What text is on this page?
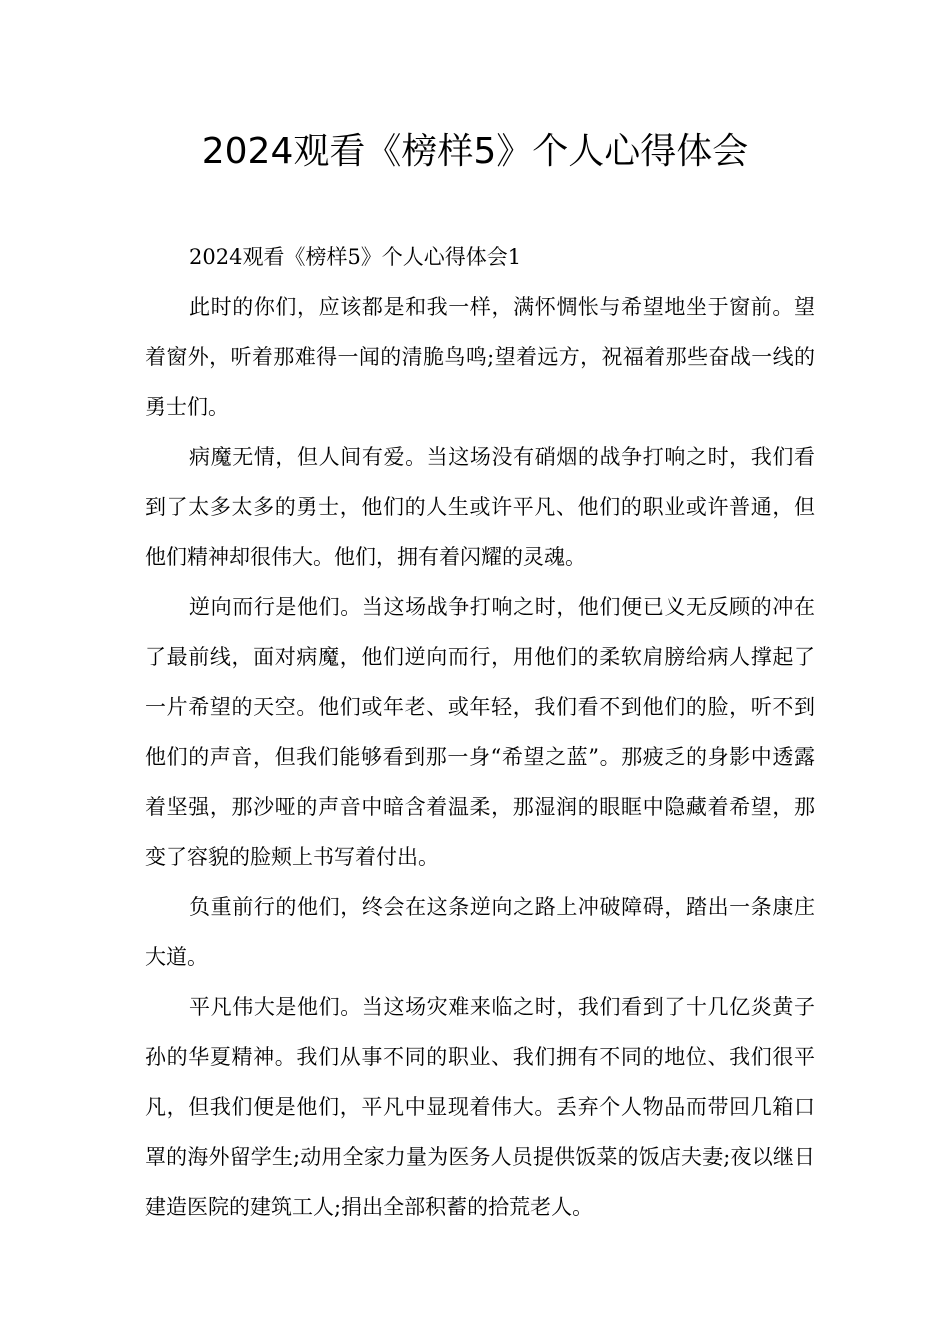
2024观看《榜样5》个人心得体会

2024观看《榜样5》个人心得体会1

此时的你们，应该都是和我一样，满怀惆怅与希望地坐于窗前。望着窗外，听着那难得一闻的清脆鸟鸣;望着远方，祝福着那些奋战一线的勇士们。

病魔无情，但人间有爱。当这场没有硝烟的战争打响之时，我们看到了太多太多的勇士，他们的人生或许平凡、他们的职业或许普通，但他们精神却很伟大。他们，拥有着闪耀的灵魂。

逆向而行是他们。当这场战争打响之时，他们便已义无反顾的冲在了最前线，面对病魔，他们逆向而行，用他们的柔软肩膀给病人撑起了一片希望的天空。他们或年老、或年轻，我们看不到他们的脸，听不到他们的声音，但我们能够看到那一身“希望之蓝”。那疲乏的身影中透露着坚强，那沙哑的声音中暗含着温柔，那湿润的眼眶中隐藏着希望，那变了容貌的脸颊上书写着付出。

负重前行的他们，终会在这条逆向之路上冲破障碍，踏出一条康庄大道。

平凡伟大是他们。当这场灾难来临之时，我们看到了十几亿炎黄子孙的华夏精神。我们从事不同的职业、我们拥有不同的地位、我们很平凡，但我们便是他们，平凡中显现着伟大。丢弃个人物品而带回几箱口罩的海外留学生;动用全家力量为医务人员提供饭菜的饭店夫妻;夜以继日建造医院的建筑工人;捐出全部积蓄的拾荒老人。
